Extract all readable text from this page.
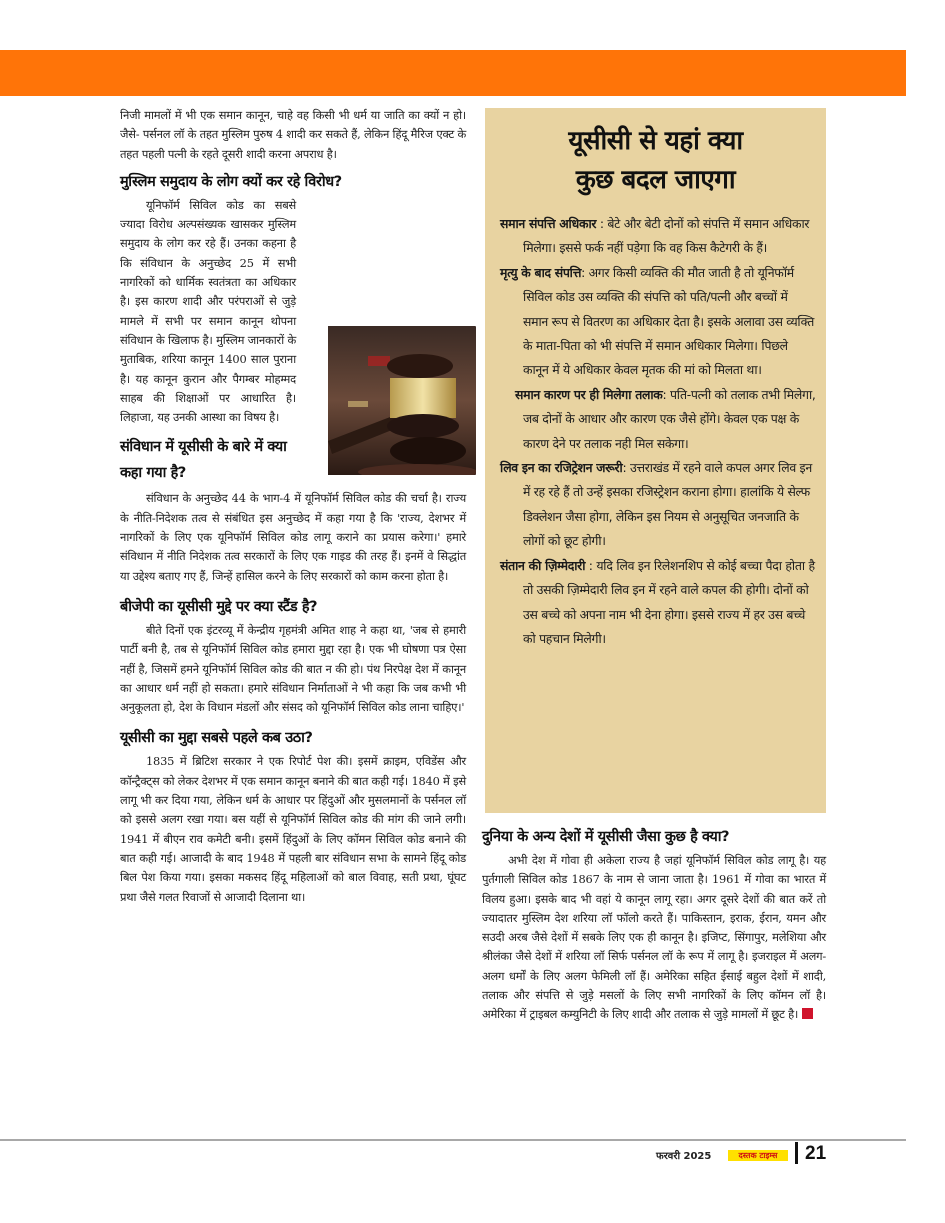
निजी मामलों में भी एक समान कानून, चाहे वह किसी भी धर्म या जाति का क्यों न हो। जैसे- पर्सनल लॉ के तहत मुस्लिम पुरुष 4 शादी कर सकते हैं, लेकिन हिंदू मैरिज एक्ट के तहत पहली पत्नी के रहते दूसरी शादी करना अपराध है।

मुस्लिम समुदाय के लोग क्यों कर रहे विरोध?

यूनिफॉर्म सिविल कोड का सबसे ज्यादा विरोध अल्पसंख्यक खासकर मुस्लिम समुदाय के लोग कर रहे हैं। उनका कहना है कि संविधान के अनुच्छेद 25 में सभी नागरिकों को धार्मिक स्वतंत्रता का अधिकार है। इस कारण शादी और परंपराओं से जुड़े मामले में सभी पर समान कानून थोपना संविधान के खिलाफ है। मुस्लिम जानकारों के मुताबिक, शरिया कानून 1400 साल पुराना है। यह कानून कुरान और पैगम्बर मोहम्मद साहब की शिक्षाओं पर आधारित है। लिहाजा, यह उनकी आस्था का विषय है।

संविधान में यूसीसी के बारे में क्या कहा गया है?

संविधान के अनुच्छेद 44 के भाग-4 में यूनिफॉर्म सिविल कोड की चर्चा है। राज्य के नीति-निदेशक तत्व से संबंधित इस अनुच्छेद में कहा गया है कि 'राज्य, देशभर में नागरिकों के लिए एक यूनिफॉर्म सिविल कोड लागू कराने का प्रयास करेगा।' हमारे संविधान में नीति निदेशक तत्व सरकारों के लिए एक गाइड की तरह हैं। इनमें वे सिद्धांत या उद्देश्य बताए गए हैं, जिन्हें हासिल करने के लिए सरकारों को काम करना होता है।

बीजेपी का यूसीसी मुद्दे पर क्या स्टैंड है?

बीते दिनों एक इंटरव्यू में केन्द्रीय गृहमंत्री अमित शाह ने कहा था, 'जब से हमारी पार्टी बनी है, तब से यूनिफॉर्म सिविल कोड हमारा मुद्दा रहा है। एक भी घोषणा पत्र ऐसा नहीं है, जिसमें हमने यूनिफॉर्म सिविल कोड की बात न की हो। पंथ निरपेक्ष देश में कानून का आधार धर्म नहीं हो सकता। हमारे संविधान निर्माताओं ने भी कहा कि जब कभी भी अनुकूलता हो, देश के विधान मंडलों और संसद को यूनिफॉर्म सिविल कोड लाना चाहिए।'

यूसीसी का मुद्दा सबसे पहले कब उठा?

1835 में ब्रिटिश सरकार ने एक रिपोर्ट पेश की। इसमें क्राइम, एविडेंस और कॉन्ट्रैक्ट्स को लेकर देशभर में एक समान कानून बनाने की बात कही गई। 1840 में इसे लागू भी कर दिया गया, लेकिन धर्म के आधार पर हिंदुओं और मुसलमानों के पर्सनल लॉ को इससे अलग रखा गया। बस यहीं से यूनिफॉर्म सिविल कोड की मांग की जाने लगी। 1941 में बीएन राव कमेटी बनी। इसमें हिंदुओं के लिए कॉमन सिविल कोड बनाने की बात कही गई। आजादी के बाद 1948 में पहली बार संविधान सभा के सामने हिंदू कोड बिल पेश किया गया। इसका मकसद हिंदू महिलाओं को बाल विवाह, सती प्रथा, घूंघट प्रथा जैसे गलत रिवाजों से आजादी दिलाना था।

यूसीसी से यहां क्या
कुछ बदल जाएगा
समान संपत्ति अधिकार : बेटे और बेटी दोनों को संपत्ति में समान अधिकार मिलेगा। इससे फर्क नहीं पड़ेगा कि वह किस कैटेगरी के हैं।
मृत्यु के बाद संपत्ति: अगर किसी व्यक्ति की मौत जाती है तो यूनिफॉर्म सिविल कोड उस व्यक्ति की संपत्ति को पति/पत्नी और बच्चों में समान रूप से वितरण का अधिकार देता है। इसके अलावा उस व्यक्ति के माता-पिता को भी संपत्ति में समान अधिकार मिलेगा। पिछले कानून में ये अधिकार केवल मृतक की मां को मिलता था।
समान कारण पर ही मिलेगा तलाक: पति-पत्नी को तलाक तभी मिलेगा, जब दोनों के आधार और कारण एक जैसे होंगे। केवल एक पक्ष के कारण देने पर तलाक नही मिल सकेगा।
लिव इन का रजिट्रेशन जरूरी: उत्तराखंड में रहने वाले कपल अगर लिव इन में रह रहे हैं तो उन्हें इसका रजिस्ट्रेशन कराना होगा। हालांकि ये सेल्फ डिक्लेशन जैसा होगा, लेकिन इस नियम से अनुसूचित जनजाति के लोगों को छूट होगी।
संतान की ज़िम्मेदारी : यदि लिव इन रिलेशनशिप से कोई बच्चा पैदा होता है तो उसकी ज़िम्मेदारी लिव इन में रहने वाले कपल की होगी। दोनों को उस बच्चे को अपना नाम भी देना होगा। इससे राज्य में हर उस बच्चे को पहचान मिलेगी।
दुनिया के अन्य देशों में यूसीसी जैसा कुछ है क्या?

अभी देश में गोवा ही अकेला राज्य है जहां यूनिफॉर्म सिविल कोड लागू है। यह पुर्तगाली सिविल कोड 1867 के नाम से जाना जाता है। 1961 में गोवा का भारत में विलय हुआ। इसके बाद भी वहां ये कानून लागू रहा। अगर दूसरे देशों की बात करें तो ज्यादातर मुस्लिम देश शरिया लॉ फॉलो करते हैं। पाकिस्तान, इराक, ईरान, यमन और सउदी अरब जैसे देशों में सबके लिए एक ही कानून है। इजिप्ट, सिंगापुर, मलेशिया और श्रीलंका जैसे देशों में शरिया लॉ सिर्फ पर्सनल लॉ के रूप में लागू है। इजराइल में अलग-अलग धर्मों के लिए अलग फेमिली लॉ हैं। अमेरिका सहित ईसाई बहुल देशों में शादी, तलाक और संपत्ति से जुड़े मसलों के लिए सभी नागरिकों के लिए कॉमन लॉ है। अमेरिका में ट्राइबल कम्युनिटी के लिए शादी और तलाक से जुड़े मामलों में छूट है।

फरवरी 2025	दस्तक टाइम्स	21
